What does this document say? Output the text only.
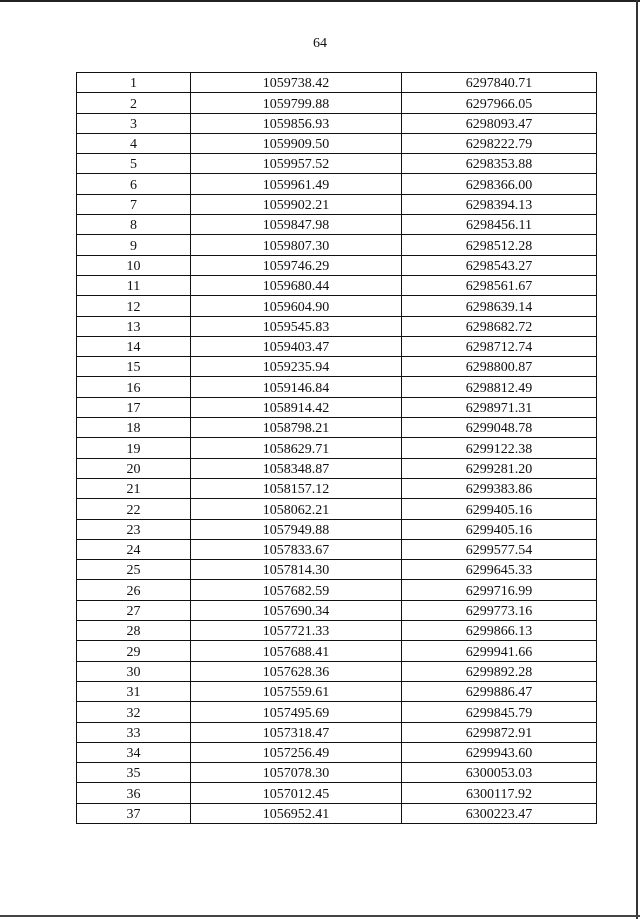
64
1	1059738.42	6297840.71
2	1059799.88	6297966.05
3	1059856.93	6298093.47
4	1059909.50	6298222.79
5	1059957.52	6298353.88
6	1059961.49	6298366.00
7	1059902.21	6298394.13
8	1059847.98	6298456.11
9	1059807.30	6298512.28
10	1059746.29	6298543.27
11	1059680.44	6298561.67
12	1059604.90	6298639.14
13	1059545.83	6298682.72
14	1059403.47	6298712.74
15	1059235.94	6298800.87
16	1059146.84	6298812.49
17	1058914.42	6298971.31
18	1058798.21	6299048.78
19	1058629.71	6299122.38
20	1058348.87	6299281.20
21	1058157.12	6299383.86
22	1058062.21	6299405.16
23	1057949.88	6299405.16
24	1057833.67	6299577.54
25	1057814.30	6299645.33
26	1057682.59	6299716.99
27	1057690.34	6299773.16
28	1057721.33	6299866.13
29	1057688.41	6299941.66
30	1057628.36	6299892.28
31	1057559.61	6299886.47
32	1057495.69	6299845.79
33	1057318.47	6299872.91
34	1057256.49	6299943.60
35	1057078.30	6300053.03
36	1057012.45	6300117.92
37	1056952.41	6300223.47
